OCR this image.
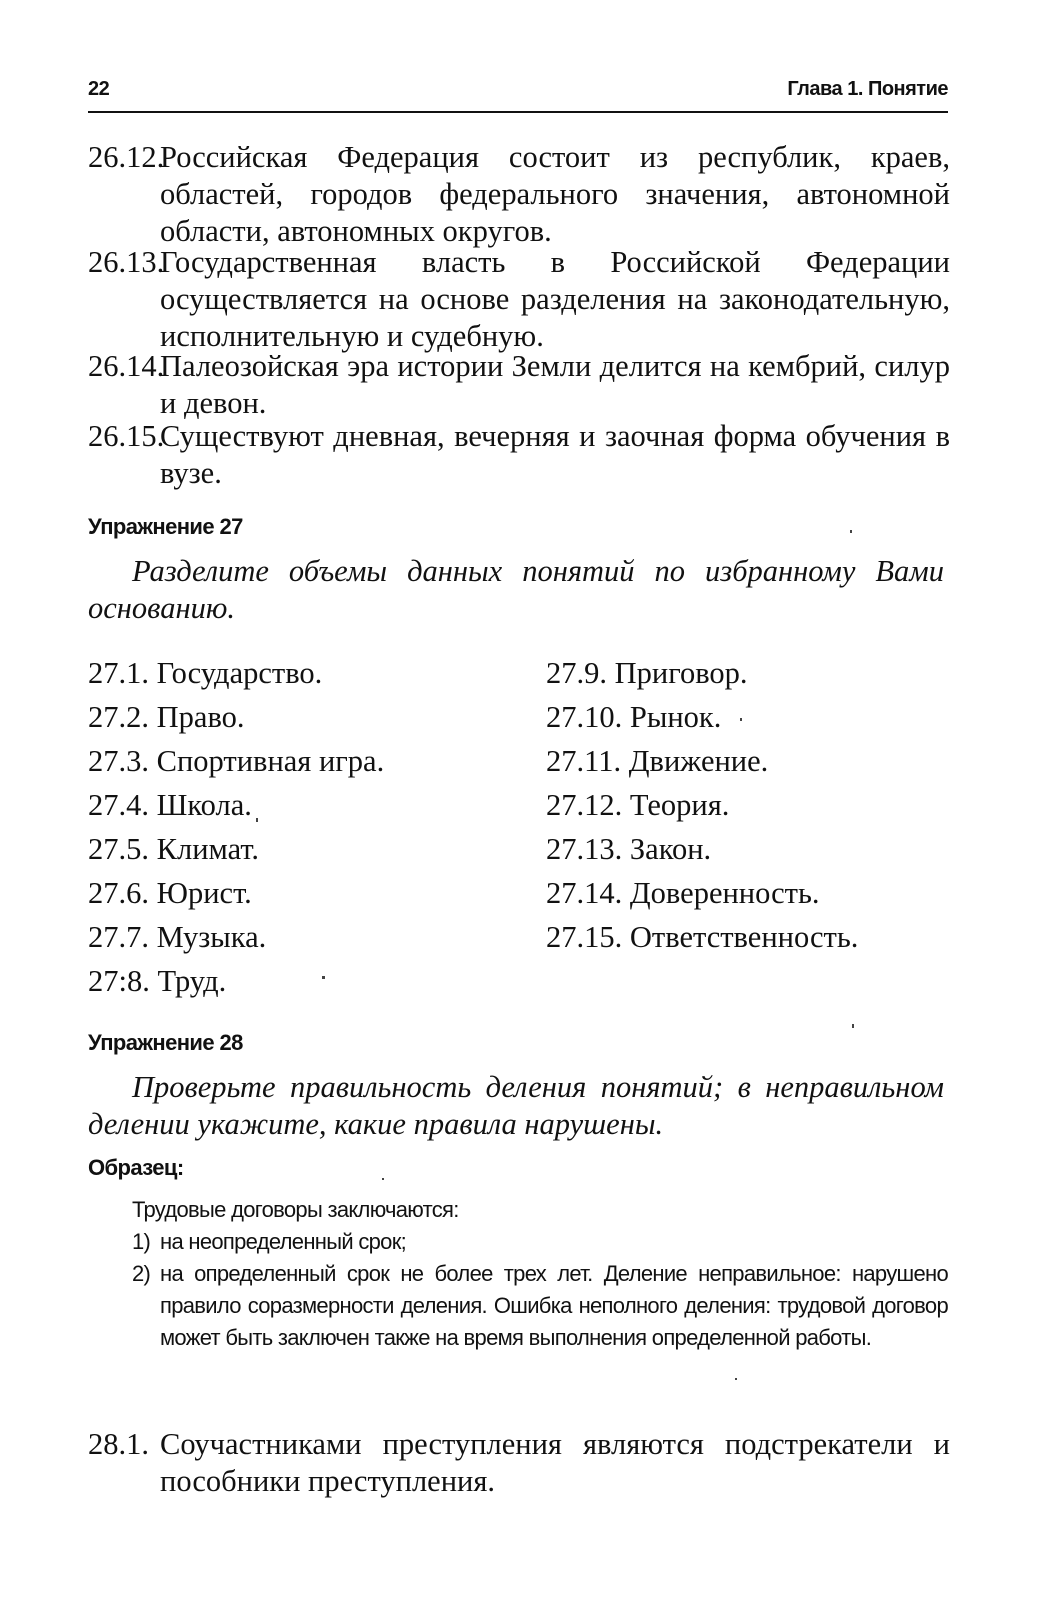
22	Глава 1. Понятие
26.12.
Российская Федерация состоит из республик, краев, областей, городов федерального значения, автономной области, автономных округов.
26.13.
Государственная власть в Российской Федерации осуществляется на основе разделения на законодательную, исполнительную и судебную.
26.14.
Палеозойская эра истории Земли делится на кембрий, силур и девон.
26.15.
Существуют дневная, вечерняя и заочная форма обучения в вузе.
Упражнение 27
Разделите объемы данных понятий по избранному Вами основанию.
27.1. Государство.
27.2. Право.
27.3. Спортивная игра.
27.4. Школа.
27.5. Климат.
27.6. Юрист.
27.7. Музыка.
27:8. Труд.
27.9. Приговор.
27.10. Рынок.
27.11. Движение.
27.12. Теория.
27.13. Закон.
27.14. Доверенность.
27.15. Ответственность.
Упражнение 28
Проверьте правильность деления понятий; в неправильном делении укажите, какие правила нарушены.
Образец:
Трудовые договоры заключаются:
1) на неопределенный срок;
2) на определенный срок не более трех лет. Деление неправильное: нарушено правило соразмерности деления. Ошибка неполного деления: трудовой договор может быть заключен также на время выполнения определенной работы.
28.1. Соучастниками преступления являются подстрекатели и пособники преступления.
